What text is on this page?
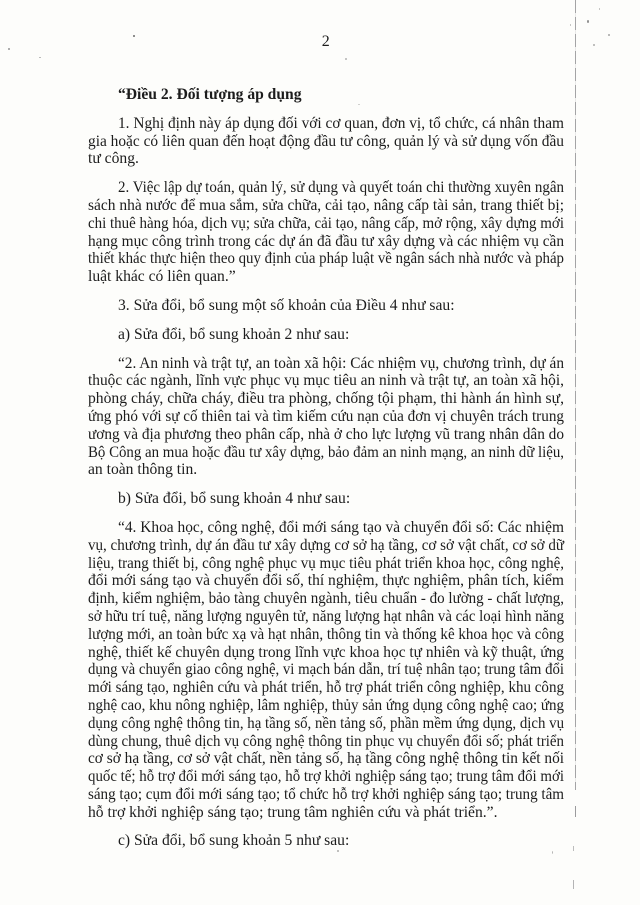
2

“Điều 2. Đối tượng áp dụng

1. Nghị định này áp dụng đối với cơ quan, đơn vị, tổ chức, cá nhân tham
gia hoặc có liên quan đến hoạt động đầu tư công, quản lý và sử dụng vốn đầu
tư công.

2. Việc lập dự toán, quản lý, sử dụng và quyết toán chi thường xuyên ngân
sách nhà nước để mua sắm, sửa chữa, cải tạo, nâng cấp tài sản, trang thiết bị;
chi thuê hàng hóa, dịch vụ; sửa chữa, cải tạo, nâng cấp, mở rộng, xây dựng mới
hạng mục công trình trong các dự án đã đầu tư xây dựng và các nhiệm vụ cần
thiết khác thực hiện theo quy định của pháp luật về ngân sách nhà nước và pháp
luật khác có liên quan.”

3. Sửa đổi, bổ sung một số khoản của Điều 4 như sau:

a) Sửa đổi, bổ sung khoản 2 như sau:

“2. An ninh và trật tự, an toàn xã hội: Các nhiệm vụ, chương trình, dự án
thuộc các ngành, lĩnh vực phục vụ mục tiêu an ninh và trật tự, an toàn xã hội,
phòng cháy, chữa cháy, điều tra phòng, chống tội phạm, thi hành án hình sự,
ứng phó với sự cố thiên tai và tìm kiếm cứu nạn của đơn vị chuyên trách trung
ương và địa phương theo phân cấp, nhà ở cho lực lượng vũ trang nhân dân do
Bộ Công an mua hoặc đầu tư xây dựng, bảo đảm an ninh mạng, an ninh dữ liệu,
an toàn thông tin.

b) Sửa đổi, bổ sung khoản 4 như sau:

“4. Khoa học, công nghệ, đổi mới sáng tạo và chuyển đổi số: Các nhiệm
vụ, chương trình, dự án đầu tư xây dựng cơ sở hạ tầng, cơ sở vật chất, cơ sở dữ
liệu, trang thiết bị, công nghệ phục vụ mục tiêu phát triển khoa học, công nghệ,
đổi mới sáng tạo và chuyển đổi số, thí nghiệm, thực nghiệm, phân tích, kiểm
định, kiểm nghiệm, bảo tàng chuyên ngành, tiêu chuẩn - đo lường - chất lượng,
sở hữu trí tuệ, năng lượng nguyên tử, năng lượng hạt nhân và các loại hình năng
lượng mới, an toàn bức xạ và hạt nhân, thông tin và thống kê khoa học và công
nghệ, thiết kế chuyên dụng trong lĩnh vực khoa học tự nhiên và kỹ thuật, ứng
dụng và chuyển giao công nghệ, vi mạch bán dẫn, trí tuệ nhân tạo; trung tâm đổi
mới sáng tạo, nghiên cứu và phát triển, hỗ trợ phát triển công nghiệp, khu công
nghệ cao, khu nông nghiệp, lâm nghiệp, thủy sản ứng dụng công nghệ cao; ứng
dụng công nghệ thông tin, hạ tầng số, nền tảng số, phần mềm ứng dụng, dịch vụ
dùng chung, thuê dịch vụ công nghệ thông tin phục vụ chuyển đổi số; phát triển
cơ sở hạ tầng, cơ sở vật chất, nền tảng số, hạ tầng công nghệ thông tin kết nối
quốc tế; hỗ trợ đổi mới sáng tạo, hỗ trợ khởi nghiệp sáng tạo; trung tâm đổi mới
sáng tạo; cụm đổi mới sáng tạo; tổ chức hỗ trợ khởi nghiệp sáng tạo; trung tâm
hỗ trợ khởi nghiệp sáng tạo; trung tâm nghiên cứu và phát triển.”.

c) Sửa đổi, bổ sung khoản 5 như sau:
